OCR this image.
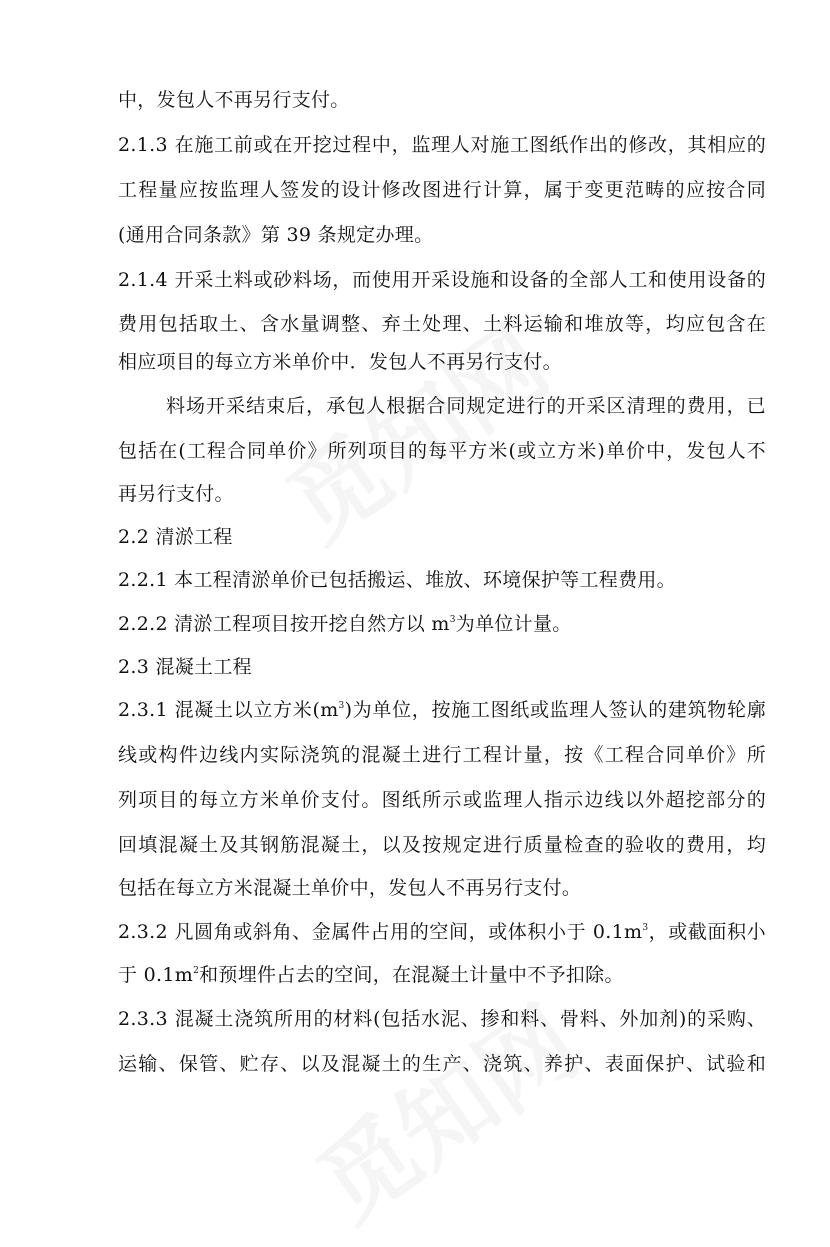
中，发包人不再另行支付。
2.1.3 在施工前或在开挖过程中，监理人对施工图纸作出的修改，其相应的
工程量应按监理人签发的设计修改图进行计算，属于变更范畴的应按合同
(通用合同条款》第 39 条规定办理。
2.1.4 开采土料或砂料场，而使用开采设施和设备的全部人工和使用设备的
费用包括取土、含水量调整、弃土处理、土料运输和堆放等，均应包含在
相应项目的每立方米单价中．发包人不再另行支付。
料场开采结束后，承包人根据合同规定进行的开采区清理的费用，已
包括在(工程合同单价》所列项目的每平方米(或立方米)单价中，发包人不
再另行支付。
2.2 清淤工程
2.2.1 本工程清淤单价已包括搬运、堆放、环境保护等工程费用。
2.2.2 清淤工程项目按开挖自然方以 $m^3$为单位计量。
2.3 混凝土工程
2.3.1 混凝土以立方米$(m^3)$为单位，按施工图纸或监理人签认的建筑物轮廓
线或构件边线内实际浇筑的混凝土进行工程计量，按《工程合同单价》所
列项目的每立方米单价支付。图纸所示或监理人指示边线以外超挖部分的
回填混凝土及其钢筋混凝土，以及按规定进行质量检查的验收的费用，均
包括在每立方米混凝土单价中，发包人不再另行支付。
2.3.2 凡圆角或斜角、金属件占用的空间，或体积小于 $0.1m^3$，或截面积小
于 $0.1m^2$和预埋件占去的空间，在混凝土计量中不予扣除。
2.3.3 混凝土浇筑所用的材料(包括水泥、掺和料、骨料、外加剂)的采购、
运输、保管、贮存、以及混凝土的生产、浇筑、养护、表面保护、试验和
